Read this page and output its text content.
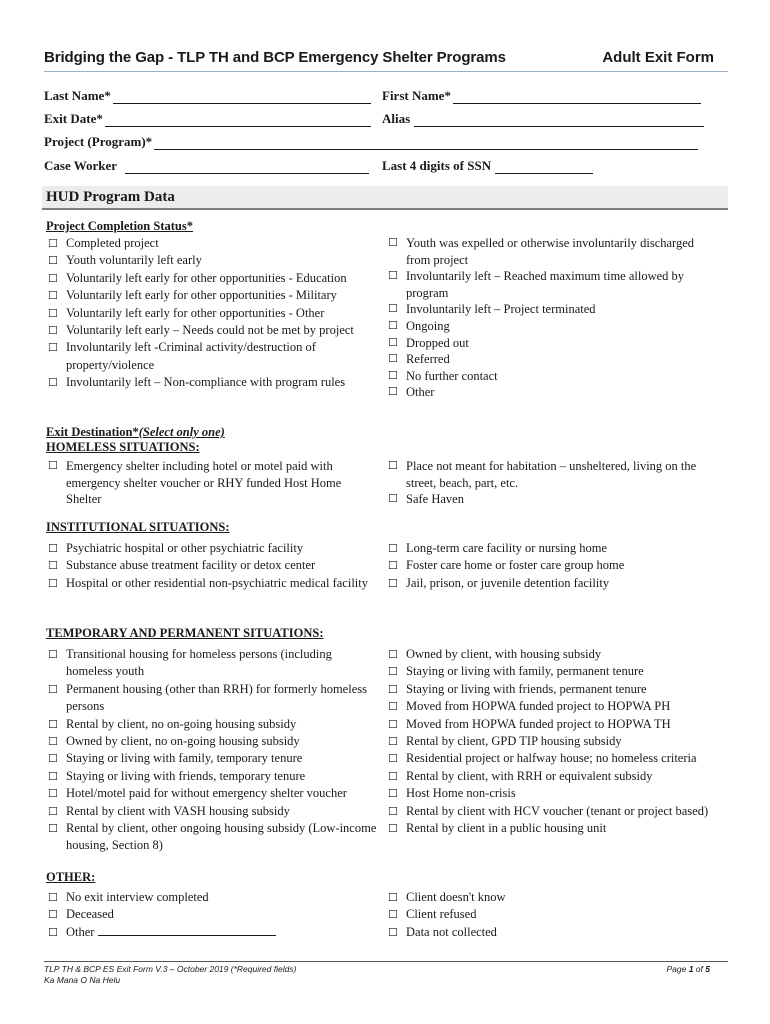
Bridging the Gap - TLP TH and BCP Emergency Shelter Programs	Adult Exit Form
Last Name*	First Name*
Exit Date*	Alias
Project (Program)*
Case Worker	Last 4 digits of SSN
HUD Program Data
Project Completion Status*
☐ Completed project
☐ Youth voluntarily left early
☐ Voluntarily left early for other opportunities - Education
☐ Voluntarily left early for other opportunities - Military
☐ Voluntarily left early for other opportunities - Other
☐ Voluntarily left early – Needs could not be met by project
☐ Involuntarily left -Criminal activity/destruction of property/violence
☐ Involuntarily left – Non-compliance with program rules
☐ Youth was expelled or otherwise involuntarily discharged from project
☐ Involuntarily left – Reached maximum time allowed by program
☐ Involuntarily left – Project terminated
☐ Ongoing
☐ Dropped out
☐ Referred
☐ No further contact
☐ Other
Exit Destination*(Select only one)
HOMELESS SITUATIONS:
☐ Emergency shelter including hotel or motel paid with emergency shelter voucher or RHY funded Host Home Shelter
☐ Place not meant for habitation – unsheltered, living on the street, beach, part, etc.
☐ Safe Haven
INSTITUTIONAL SITUATIONS:
☐ Psychiatric hospital or other psychiatric facility
☐ Substance abuse treatment facility or detox center
☐ Hospital or other residential non-psychiatric medical facility
☐ Long-term care facility or nursing home
☐ Foster care home or foster care group home
☐ Jail, prison, or juvenile detention facility
TEMPORARY AND PERMANENT SITUATIONS:
☐ Transitional housing for homeless persons (including homeless youth
☐ Permanent housing (other than RRH) for formerly homeless persons
☐ Rental by client, no on-going housing subsidy
☐ Owned by client, no on-going housing subsidy
☐ Staying or living with family, temporary tenure
☐ Staying or living with friends, temporary tenure
☐ Hotel/motel paid for without emergency shelter voucher
☐ Rental by client with VASH housing subsidy
☐ Rental by client, other ongoing housing subsidy (Low-income housing, Section 8)
☐ Owned by client, with housing subsidy
☐ Staying or living with family, permanent tenure
☐ Staying or living with friends, permanent tenure
☐ Moved from HOPWA funded project to HOPWA PH
☐ Moved from HOPWA funded project to HOPWA TH
☐ Rental by client, GPD TIP housing subsidy
☐ Residential project or halfway house; no homeless criteria
☐ Rental by client, with RRH or equivalent subsidy
☐ Host Home non-crisis
☐ Rental by client with HCV voucher (tenant or project based)
☐ Rental by client in a public housing unit
OTHER:
☐ No exit interview completed
☐ Deceased
☐ Other
☐ Client doesn't know
☐ Client refused
☐ Data not collected
TLP TH & BCP ES Exit Form V.3 – October 2019 (*Required fields)
Ka Mana O Na Helu
Page 1 of 5
